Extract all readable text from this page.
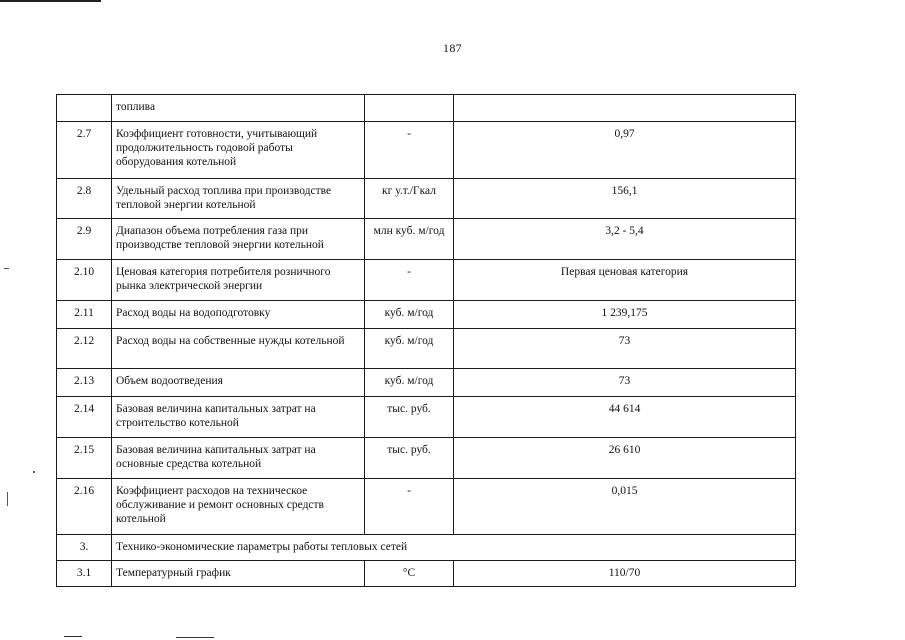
187
	топлива		
2.7	Коэффициент готовности, учитывающий продолжительность годовой работы оборудования котельной	-	0,97
2.8	Удельный расход топлива при производстве тепловой энергии котельной	кг у.т./Гкал	156,1
2.9	Диапазон объема потребления газа при производстве тепловой энергии котельной	млн куб. м/год	3,2 - 5,4
2.10	Ценовая категория потребителя розничного рынка электрической энергии	-	Первая ценовая категория
2.11	Расход воды на водоподготовку	куб. м/год	1 239,175
2.12	Расход воды на собственные нужды котельной	куб. м/год	73
2.13	Объем водоотведения	куб. м/год	73
2.14	Базовая величина капитальных затрат на строительство котельной	тыс. руб.	44 614
2.15	Базовая величина капитальных затрат на основные средства котельной	тыс. руб.	26 610
2.16	Коэффициент расходов на техническое обслуживание и ремонт основных средств котельной	-	0,015
3.	Технико-экономические параметры работы тепловых сетей		
3.1	Температурный график	°C	110/70
